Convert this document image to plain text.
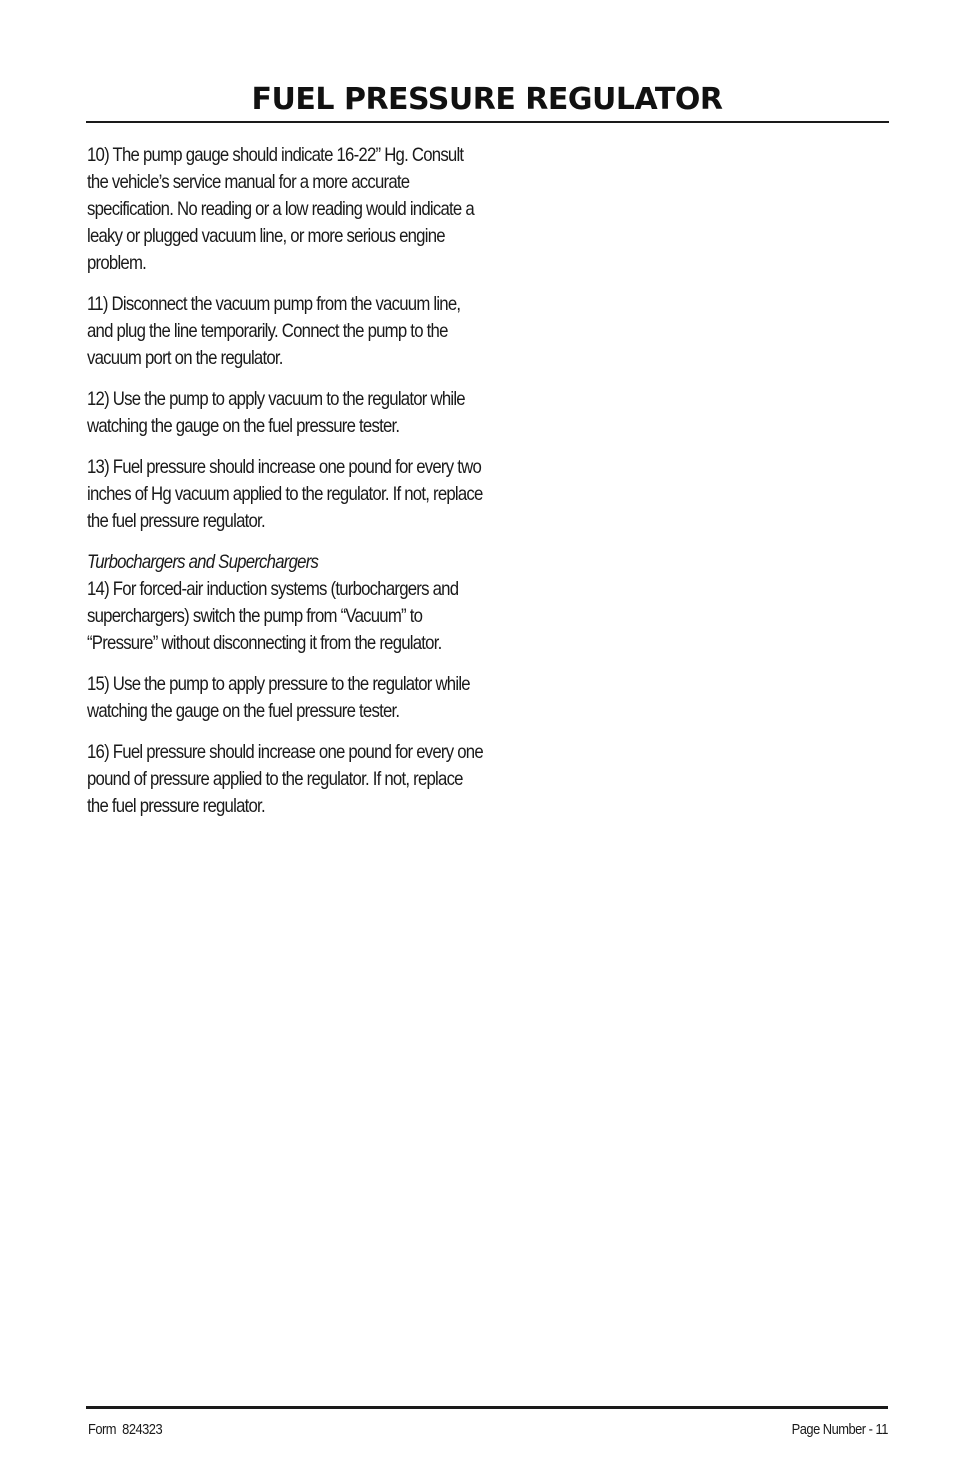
FUEL PRESSURE REGULATOR

10) The pump gauge should indicate 16-22” Hg. Consult the vehicle’s service manual for a more accurate specification. No reading or a low reading would indicate a leaky or plugged vacuum line, or more serious engine problem.

11) Disconnect the vacuum pump from the vacuum line, and plug the line temporarily. Connect the pump to the vacuum port on the regulator.

12) Use the pump to apply vacuum to the regulator while watching the gauge on the fuel pressure tester.

13) Fuel pressure should increase one pound for every two inches of Hg vacuum applied to the regulator. If not, replace the fuel pressure regulator.

Turbochargers and Superchargers
14) For forced-air induction systems (turbochargers and superchargers) switch the pump from “Vacuum” to “Pressure” without disconnecting it from the regulator.

15) Use the pump to apply pressure to the regulator while watching the gauge on the fuel pressure tester.

16) Fuel pressure should increase one pound for every one pound of pressure applied to the regulator. If not, replace the fuel pressure regulator.

Form  824323	Page Number - 11
